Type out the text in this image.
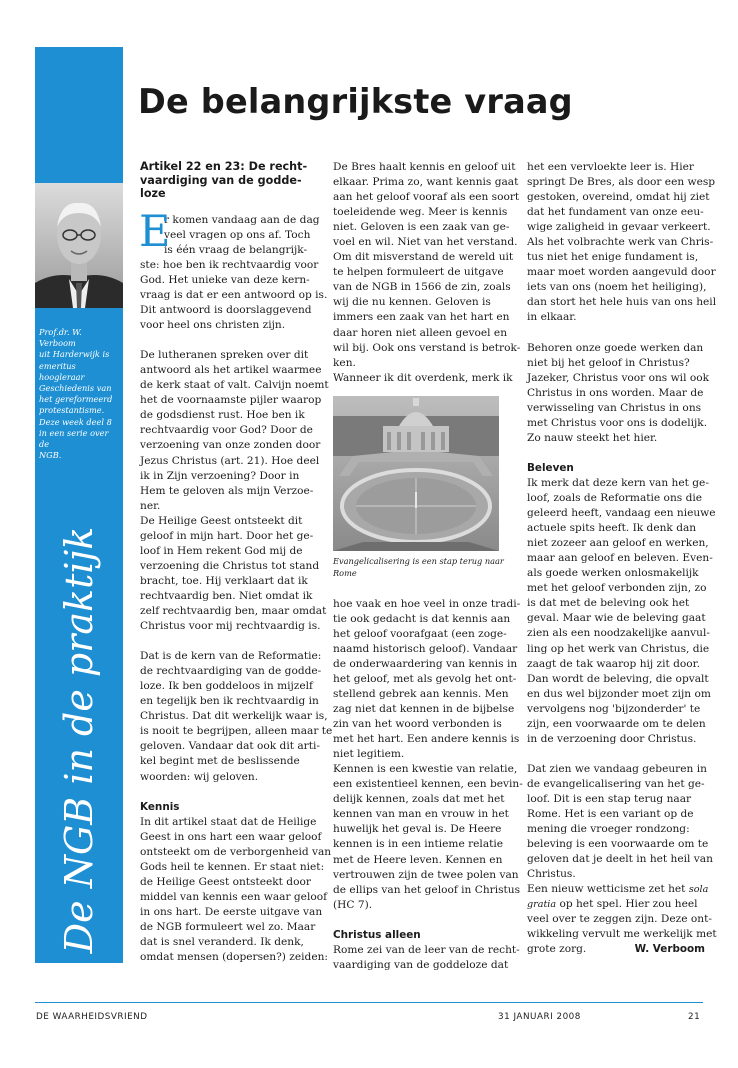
Prof.dr. W. Verboom
uit Harderwijk is
emeritus hoogleraar
Geschiedenis van
het gereformeerd
protestantisme.
Deze week deel 8
in een serie over de
NGB.
De NGB in de praktijk
De belangrijkste vraag

Artikel 22 en 23: De recht-
vaardiging van de godde-
loze

E

r komen vandaag aan de dag

veel vragen op ons af. Toch

is één vraag de belangrijk-

ste: hoe ben ik rechtvaardig voor

God. Het unieke van deze kern-

vraag is dat er een antwoord op is.

Dit antwoord is doorslaggevend

voor heel ons christen zijn.

De lutheranen spreken over dit

antwoord als het artikel waarmee

de kerk staat of valt. Calvijn noemt

het de voornaamste pijler waarop

de godsdienst rust. Hoe ben ik

rechtvaardig voor God? Door de

verzoening van onze zonden door

Jezus Christus (art. 21). Hoe deel

ik in Zijn verzoening? Door in

Hem te geloven als mijn Verzoe-

ner.

De Heilige Geest ontsteekt dit

geloof in mijn hart. Door het ge-

loof in Hem rekent God mij de

verzoening die Christus tot stand

bracht, toe. Hij verklaart dat ik

rechtvaardig ben. Niet omdat ik

zelf rechtvaardig ben, maar omdat

Christus voor mij rechtvaardig is.

Dat is de kern van de Reformatie:

de rechtvaardiging van de godde-

loze. Ik ben goddeloos in mijzelf

en tegelijk ben ik rechtvaardig in

Christus. Dat dit werkelijk waar is,

is nooit te begrijpen, alleen maar te

geloven. Vandaar dat ook dit arti-

kel begint met de beslissende

woorden: wij geloven.

Kennis

In dit artikel staat dat de Heilige

Geest in ons hart een waar geloof

ontsteekt om de verborgenheid van

Gods heil te kennen. Er staat niet:

de Heilige Geest ontsteekt door

middel van kennis een waar geloof

in ons hart. De eerste uitgave van

de NGB formuleert wel zo. Maar

dat is snel veranderd. Ik denk,

omdat mensen (dopersen?) zeiden:

De Bres haalt kennis en geloof uit

elkaar. Prima zo, want kennis gaat

aan het geloof vooraf als een soort

toeleidende weg. Meer is kennis

niet. Geloven is een zaak van ge-

voel en wil. Niet van het verstand.

Om dit misverstand de wereld uit

te helpen formuleert de uitgave

van de NGB in 1566 de zin, zoals

wij die nu kennen. Geloven is

immers een zaak van het hart en

daar horen niet alleen gevoel en

wil bij. Ook ons verstand is betrok-

ken.

Wanneer ik dit overdenk, merk ik

Evangelicalisering is een stap terug naar
Rome

hoe vaak en hoe veel in onze tradi-

tie ook gedacht is dat kennis aan

het geloof voorafgaat (een zoge-

naamd historisch geloof). Vandaar

de onderwaardering van kennis in

het geloof, met als gevolg het ont-

stellend gebrek aan kennis. Men

zag niet dat kennen in de bijbelse

zin van het woord verbonden is

met het hart. Een andere kennis is

niet legitiem.

Kennen is een kwestie van relatie,

een existentieel kennen, een bevin-

delijk kennen, zoals dat met het

kennen van man en vrouw in het

huwelijk het geval is. De Heere

kennen is in een intieme relatie

met de Heere leven. Kennen en

vertrouwen zijn de twee polen van

de ellips van het geloof in Christus

(HC 7).

Christus alleen

Rome zei van de leer van de recht-

vaardiging van de goddeloze dat

het een vervloekte leer is. Hier

springt De Bres, als door een wesp

gestoken, overeind, omdat hij ziet

dat het fundament van onze eeu-

wige zaligheid in gevaar verkeert.

Als het volbrachte werk van Chris-

tus niet het enige fundament is,

maar moet worden aangevuld door

iets van ons (noem het heiliging),

dan stort het hele huis van ons heil

in elkaar.

Behoren onze goede werken dan

niet bij het geloof in Christus?

Jazeker, Christus voor ons wil ook

Christus in ons worden. Maar de

verwisseling van Christus in ons

met Christus voor ons is dodelijk.

Zo nauw steekt het hier.

Beleven

Ik merk dat deze kern van het ge-

loof, zoals de Reformatie ons die

geleerd heeft, vandaag een nieuwe

actuele spits heeft. Ik denk dan

niet zozeer aan geloof en werken,

maar aan geloof en beleven. Even-

als goede werken onlosmakelijk

met het geloof verbonden zijn, zo

is dat met de beleving ook het

geval. Maar wie de beleving gaat

zien als een noodzakelijke aanvul-

ling op het werk van Christus, die

zaagt de tak waarop hij zit door.

Dan wordt de beleving, die opvalt

en dus wel bijzonder moet zijn om

vervolgens nog 'bijzonderder' te

zijn, een voorwaarde om te delen

in de verzoening door Christus.

Dat zien we vandaag gebeuren in

de evangelicalisering van het ge-

loof. Dit is een stap terug naar

Rome. Het is een variant op de

mening die vroeger rondzong:

beleving is een voorwaarde om te

geloven dat je deelt in het heil van

Christus.

Een nieuw wetticisme zet het sola

gratia op het spel. Hier zou heel

veel over te zeggen zijn. Deze ont-

wikkeling vervult me werkelijk met

grote zorg.	W. Verboom

DE WAARHEIDSVRIEND	31 JANUARI 2008	21
